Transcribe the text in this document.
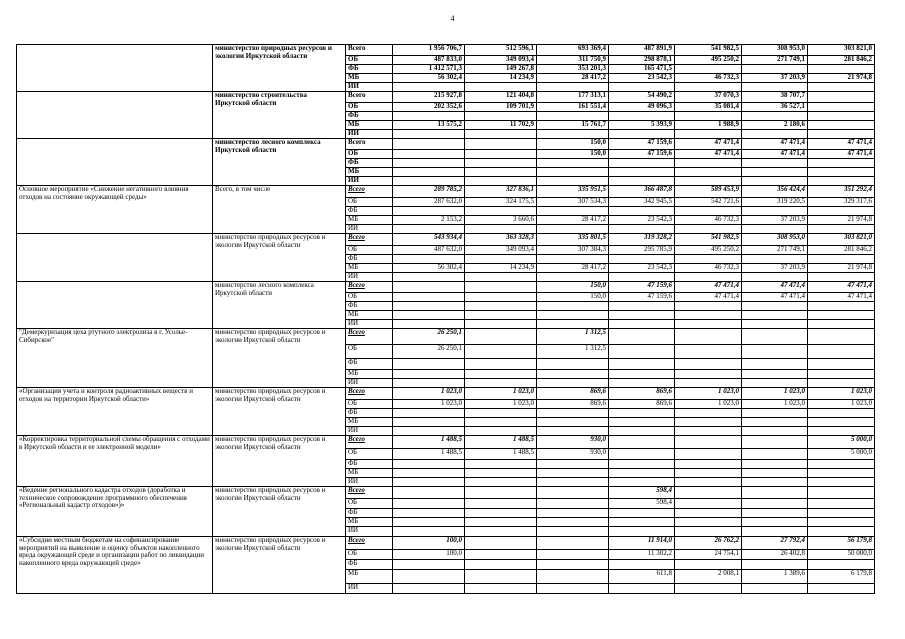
4
	министерство природных ресурсов и экологии Иркутской области	Всего	1 956 706,7	512 596,1	693 369,4	487 891,9	541 982,5	308 953,0	303 821,0
		ОБ	487 833,0	349 093,4	311 750,9	298 878,1	495 250,2	271 749,1	281 846,2
		ФБ	1 412 571,3	149 267,8	353 201,3	165 471,5			
		МБ	56 302,4	14 234,9	28 417,2	23 542,3	46 732,3	37 203,9	21 974,8
		ИИ							
	министерство строительства Иркутской области	Всего	215 927,8	121 404,8	177 313,1	54 490,2	37 070,3	38 707,7	
		ОБ	202 352,6	109 701,9	161 551,4	49 096,3	35 081,4	36 527,1	
		ФБ							
		МБ	13 575,2	11 702,9	15 761,7	5 393,9	1 988,9	2 180,6	
		ИИ							
	министерство лесного комплекса Иркутской области	Всего			150,0	47 159,6	47 471,4	47 471,4	47 471,4
		ОБ			150,0	47 159,6	47 471,4	47 471,4	47 471,4
		ФБ							
		МБ							
		ИИ							
Основное мероприятие «Снижение негативного влияния отходов на состояние окружающей среды»	Всего, в том числе	Всего	289 785,2	327 836,1	335 951,5	366 487,8	589 453,9	356 424,4	351 292,4
		ОБ	287 632,0	324 175,5	307 534,3	342 945,5	542 721,6	319 220,5	329 317,6
		ФБ							
		МБ	2 153,2	3 660,6	28 417,2	23 542,3	46 732,3	37 203,9	21 974,8
		ИИ							
	министерство природных ресурсов и экологии Иркутской области	Всего	543 934,4	363 328,3	335 801,5	319 328,2	541 982,5	308 953,0	303 821,0
		ОБ	487 632,0	349 093,4	307 384,3	295 785,9	495 250,2	271 749,1	281 846,2
		ФБ							
		МБ	56 302,4	14 234,9	28 417,2	23 542,3	46 732,3	37 203,9	21 974,8
		ИИ							
	министерство лесного комплекса Иркутской области	Всего			150,0	47 159,6	47 471,4	47 471,4	47 471,4
		ОБ			150,0	47 159,6	47 471,4	47 471,4	47 471,4
		ФБ							
		МБ							
		ИИ							
"Демеркуризация цеха ртутного электролиза в г. Усолье-Сибирское"	министерство природных ресурсов и экологии Иркутской области	Всего	26 250,1		1 312,5				
		ОБ	26 250,1		1 312,5				
		ФБ							
		МБ							
		ИИ							
«Организация учета и контроля радиоактивных веществ и отходов на территории Иркутской области»	министерство природных ресурсов и экологии Иркутской области	Всего	1 023,0	1 023,0	869,6	869,6	1 023,0	1 023,0	1 023,0
		ОБ	1 023,0	1 023,0	869,6	869,6	1 023,0	1 023,0	1 023,0
		ФБ							
		МБ							
		ИИ							
«Корректировка территориальной схемы обращения с отходами в Иркутской области и ее электронной модели»	министерство природных ресурсов и экологии Иркутской области	Всего	1 488,5	1 488,5	930,0				5 000,0
		ОБ	1 488,5	1 488,5	930,0				5 000,0
		ФБ							
		МБ							
		ИИ							
«Ведение регионального кадастра отходов (доработка и техническое сопровождение программного обеспечения «Региональный кадастр отходов»)»	министерство природных ресурсов и экологии Иркутской области	Всего				598,4			
		ОБ				598,4			
		ФБ							
		МБ							
		ИИ							
«Субсидии местным бюджетам на софинансирование мероприятий на выявление и оценку объектов накопленного вреда окружающей среде и организации работ по ликвидации накопленного вреда окружающей среде»	министерство природных ресурсов и экологии Иркутской области	Всего	100,0			11 914,0	26 762,2	27 792,4	56 179,8
		ОБ	100,0			11 302,2	24 754,1	26 402,8	50 000,0
		ФБ							
		МБ				611,8	2 008,1	1 389,6	6 179,8
		ИИ							
